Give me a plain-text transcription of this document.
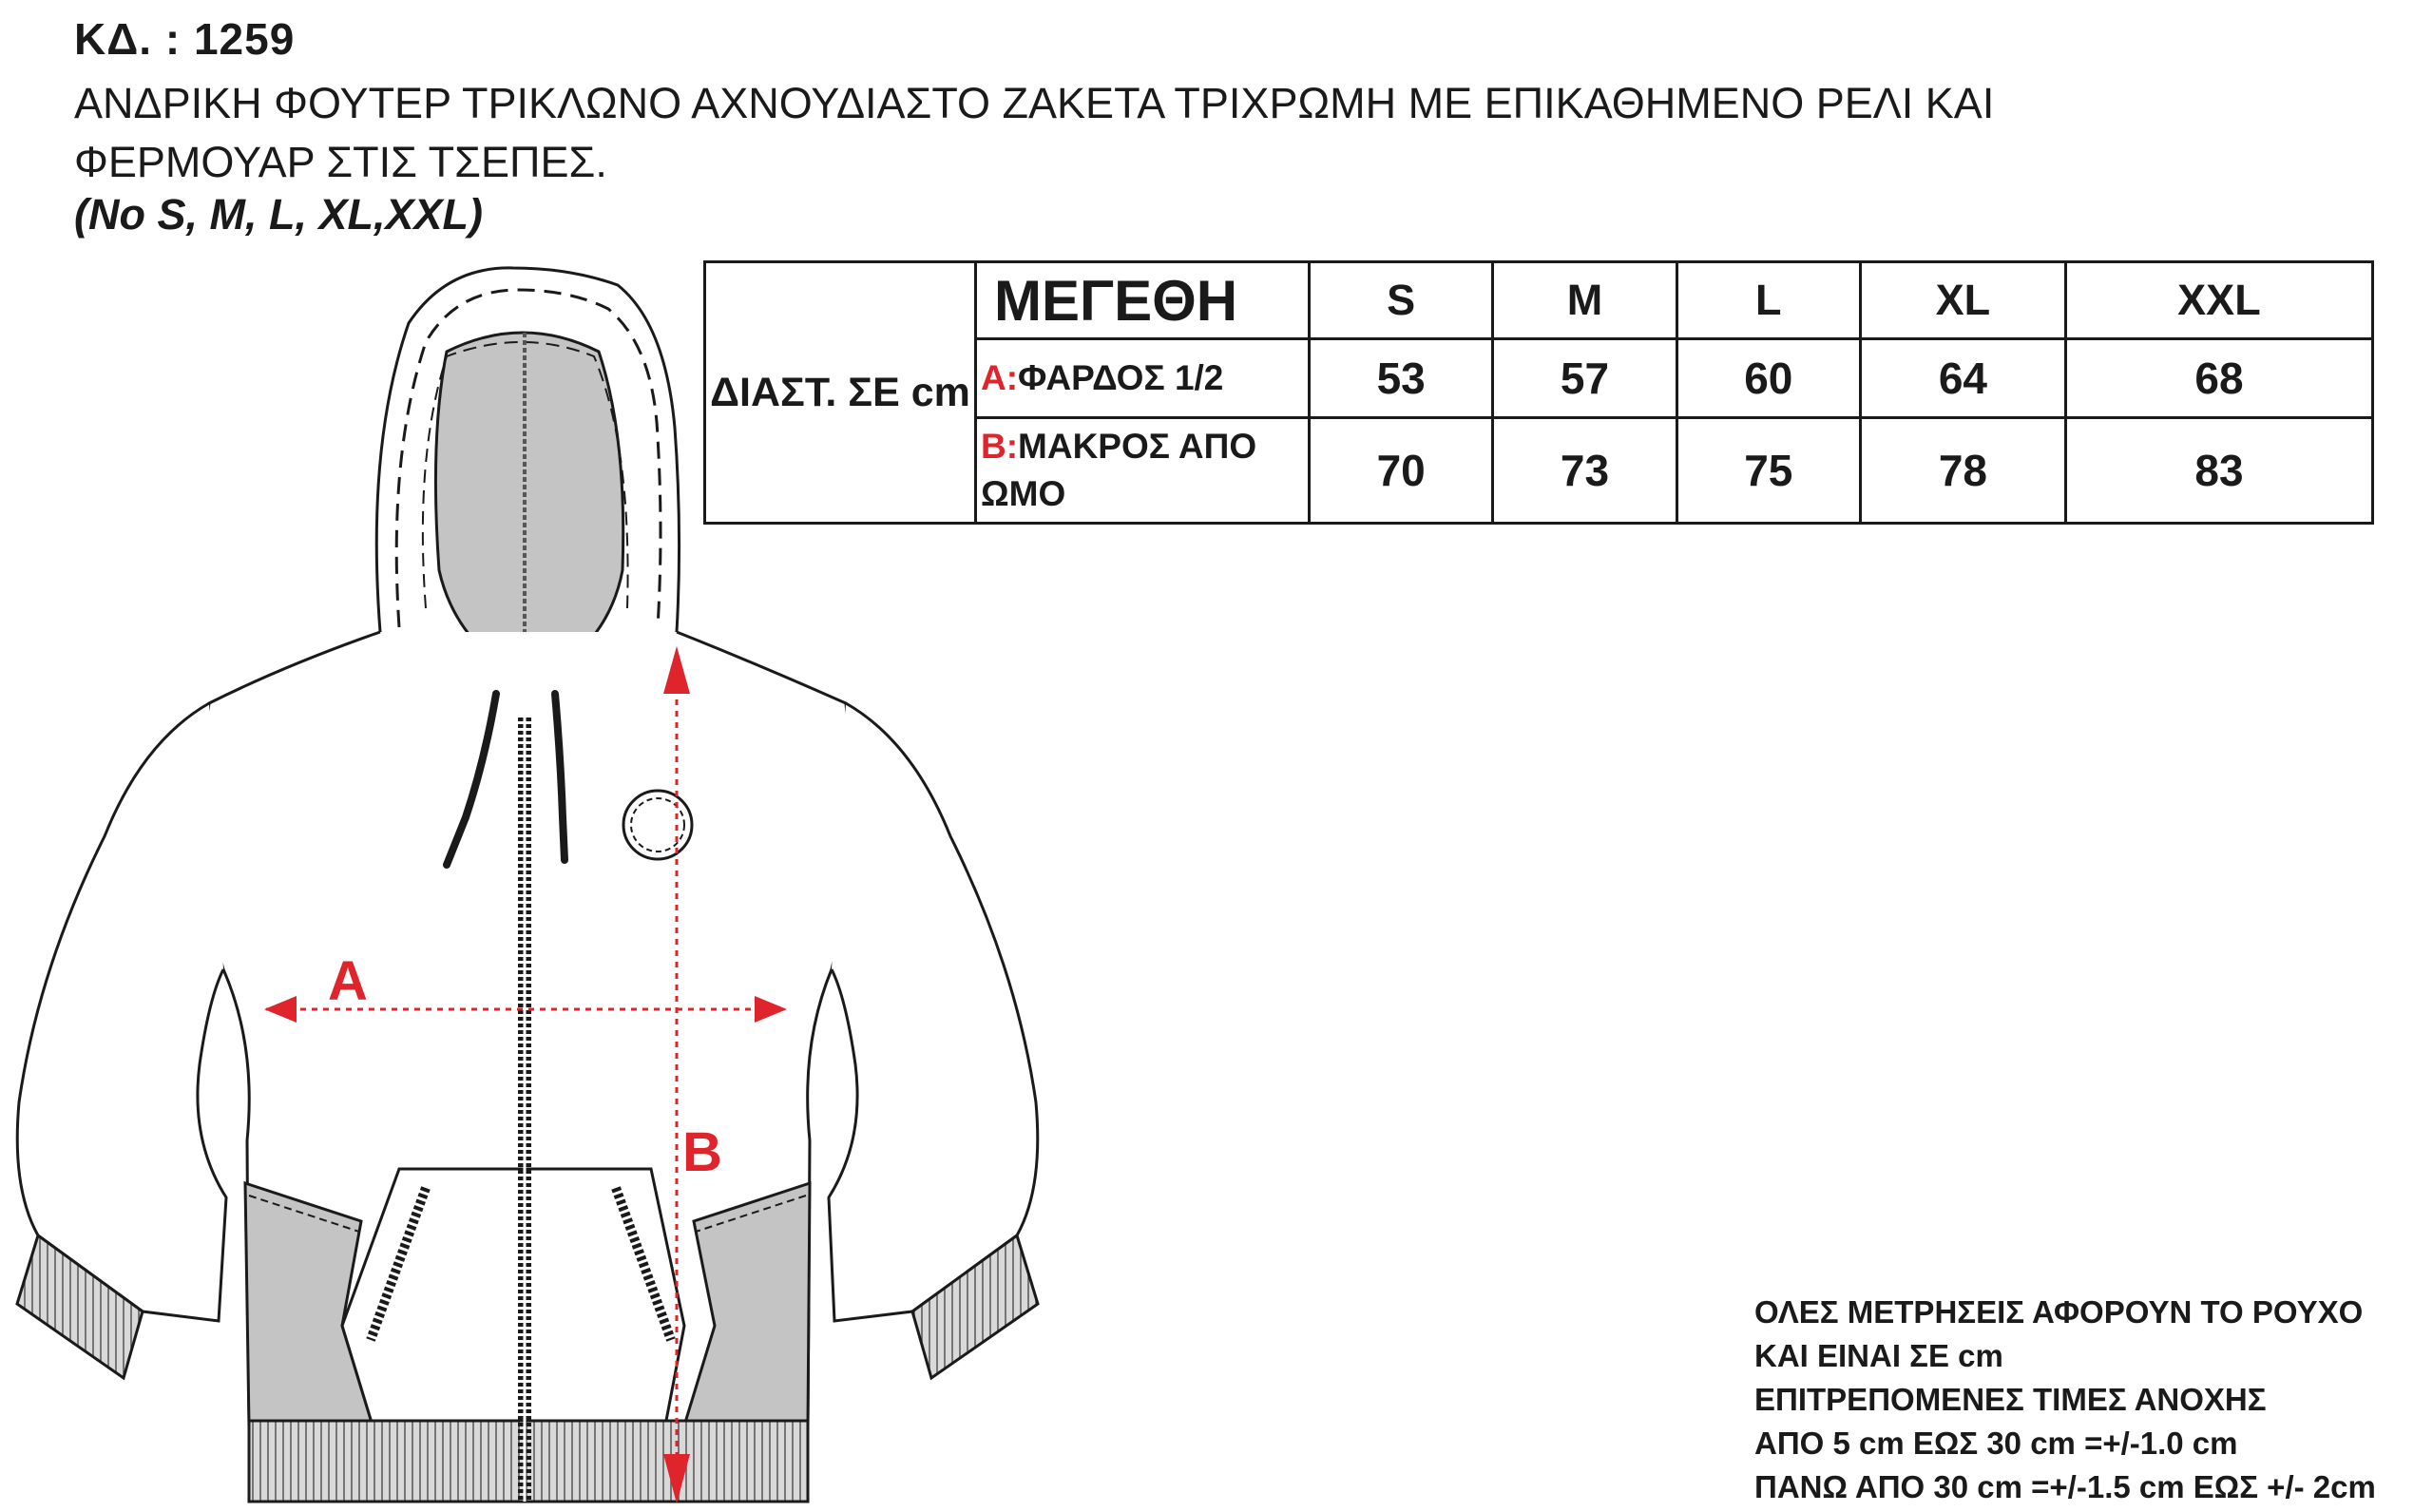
ΚΔ. : 1259
ΑΝΔΡΙΚΗ ΦΟΥΤΕΡ ΤΡΙΚΛΩΝΟ ΑΧΝΟΥΔΙΑΣΤΟ ΖΑΚΕΤΑ ΤΡΙΧΡΩΜΗ ΜΕ ΕΠΙΚΑΘΗΜΕΝΟ ΡΕΛΙ ΚΑΙ
ΦΕΡΜΟΥΑΡ ΣΤΙΣ ΤΣΕΠΕΣ.
(No S, M, L, XL,XXL)
ΔΙΑΣΤ. ΣΕ cm	ΜΕΓΕΘΗ	S	M	L	XL	XXL
	A:ΦΑΡΔΟΣ 1/2	53	57	60	64	68
	B:ΜΑΚΡΟΣ ΑΠΟ ΩΜΟ	70	73	75	78	83
A
B
ΟΛΕΣ ΜΕΤΡΗΣΕΙΣ ΑΦΟΡΟΥΝ ΤΟ ΡΟΥΧΟ
ΚΑΙ ΕΙΝΑΙ ΣΕ cm
ΕΠΙΤΡΕΠΟΜΕΝΕΣ ΤΙΜΕΣ ΑΝΟΧΗΣ
ΑΠΟ 5 cm ΕΩΣ 30 cm =+/-1.0 cm
ΠΑΝΩ ΑΠΟ 30 cm =+/-1.5 cm ΕΩΣ +/- 2cm
